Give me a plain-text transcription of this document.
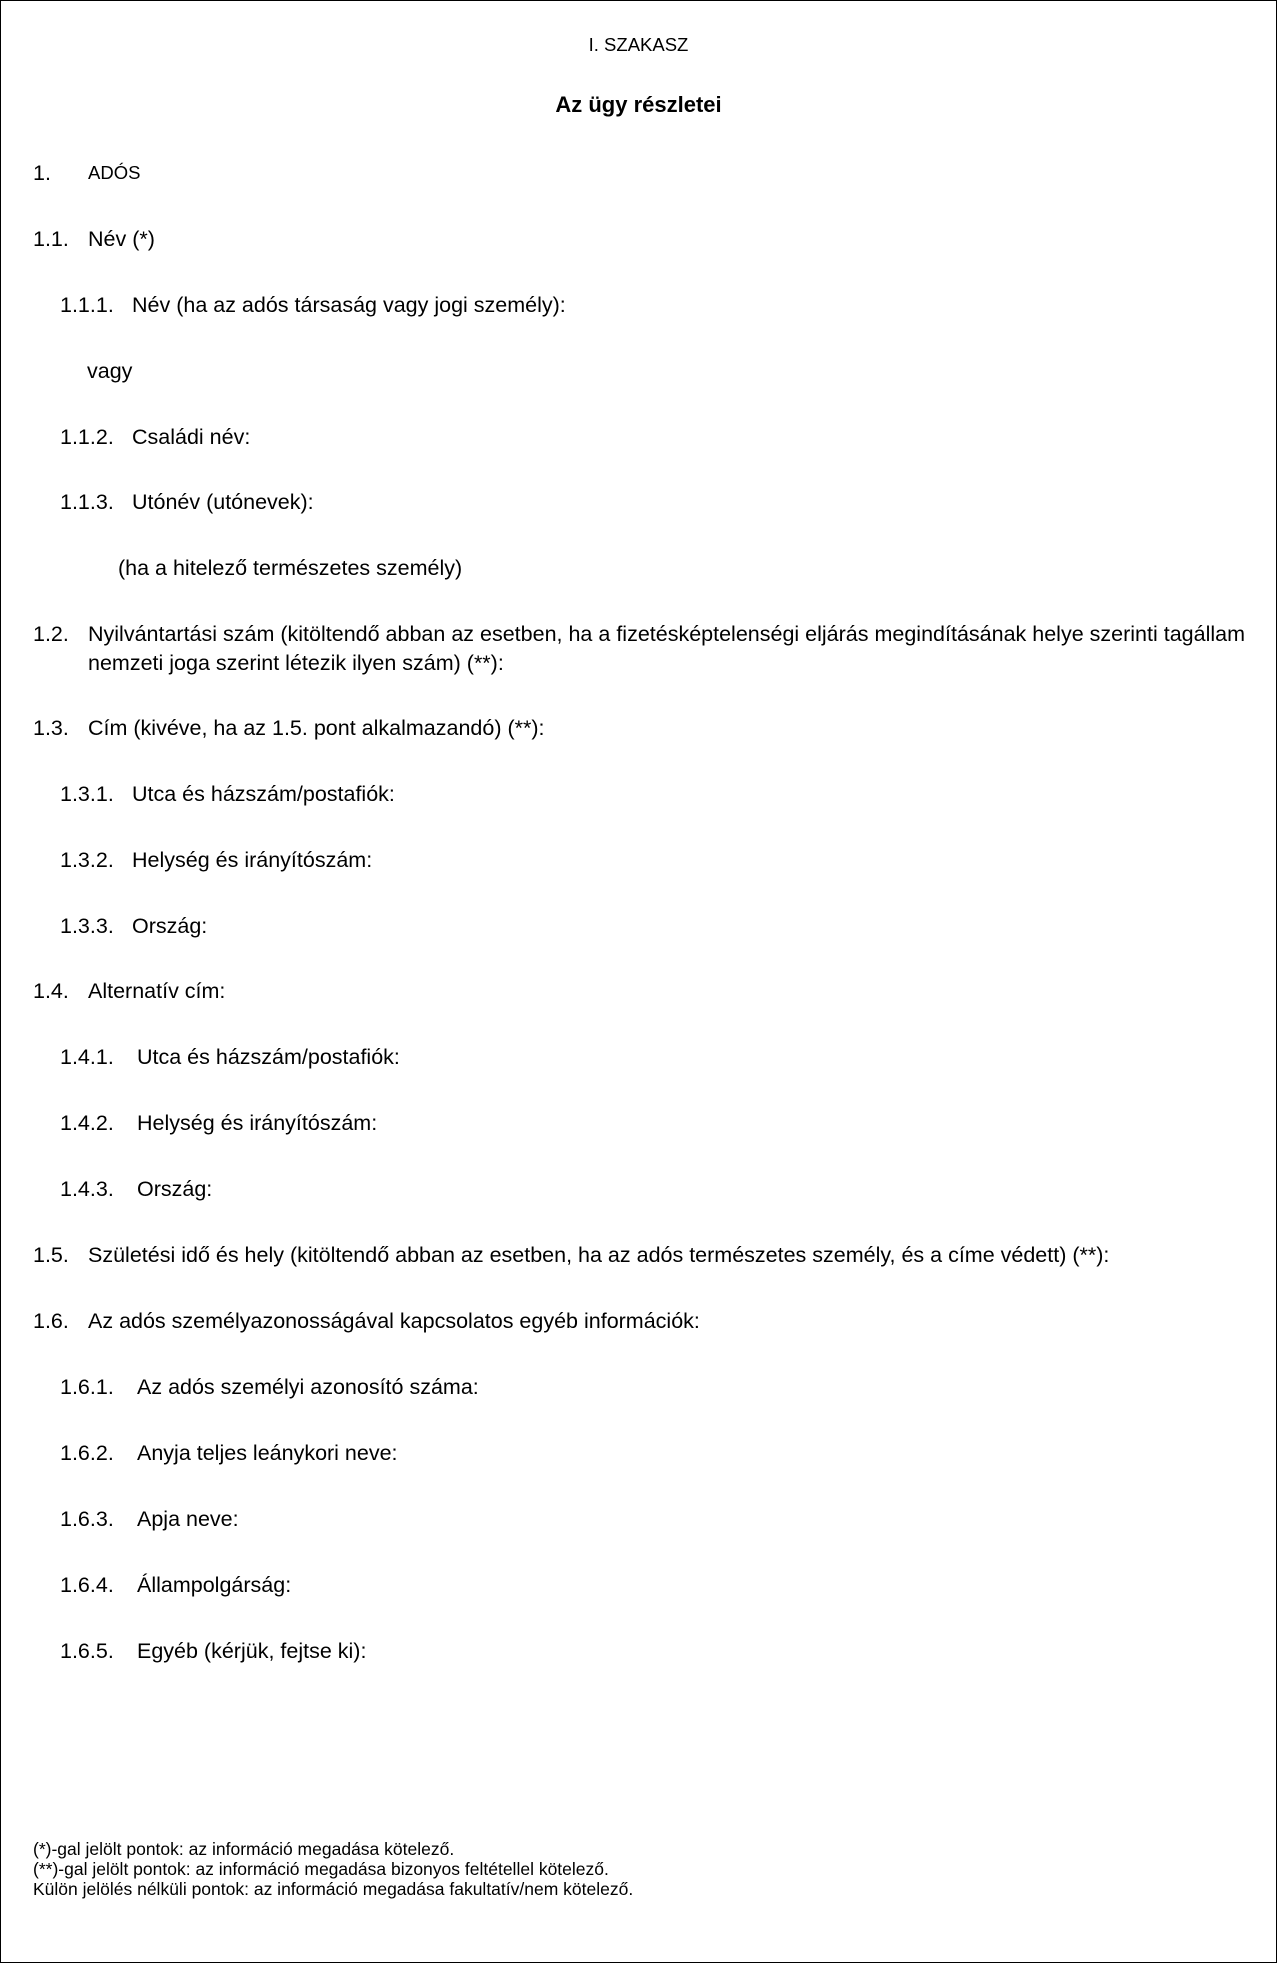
I. SZAKASZ
Az ügy részletei
1. ADÓS
1.1. Név (*)
1.1.1. Név (ha az adós társaság vagy jogi személy):
vagy
1.1.2. Családi név:
1.1.3. Utónév (utónevek):
(ha a hitelező természetes személy)
1.2. Nyilvántartási szám (kitöltendő abban az esetben, ha a fizetésképtelenségi eljárás megindításának helye szerinti tagállam nemzeti joga szerint létezik ilyen szám) (**):
1.3. Cím (kivéve, ha az 1.5. pont alkalmazandó) (**):
1.3.1. Utca és házszám/postafiók:
1.3.2. Helység és irányítószám:
1.3.3. Ország:
1.4. Alternatív cím:
1.4.1. Utca és házszám/postafiók:
1.4.2. Helység és irányítószám:
1.4.3. Ország:
1.5. Születési idő és hely (kitöltendő abban az esetben, ha az adós természetes személy, és a címe védett) (**):
1.6. Az adós személyazonosságával kapcsolatos egyéb információk:
1.6.1. Az adós személyi azonosító száma:
1.6.2. Anyja teljes leánykori neve:
1.6.3. Apja neve:
1.6.4. Állampolgárság:
1.6.5. Egyéb (kérjük, fejtse ki):
(*)-gal jelölt pontok: az információ megadása kötelező.
(**)-gal jelölt pontok: az információ megadása bizonyos feltétellel kötelező.
Külön jelölés nélküli pontok: az információ megadása fakultatív/nem kötelező.
